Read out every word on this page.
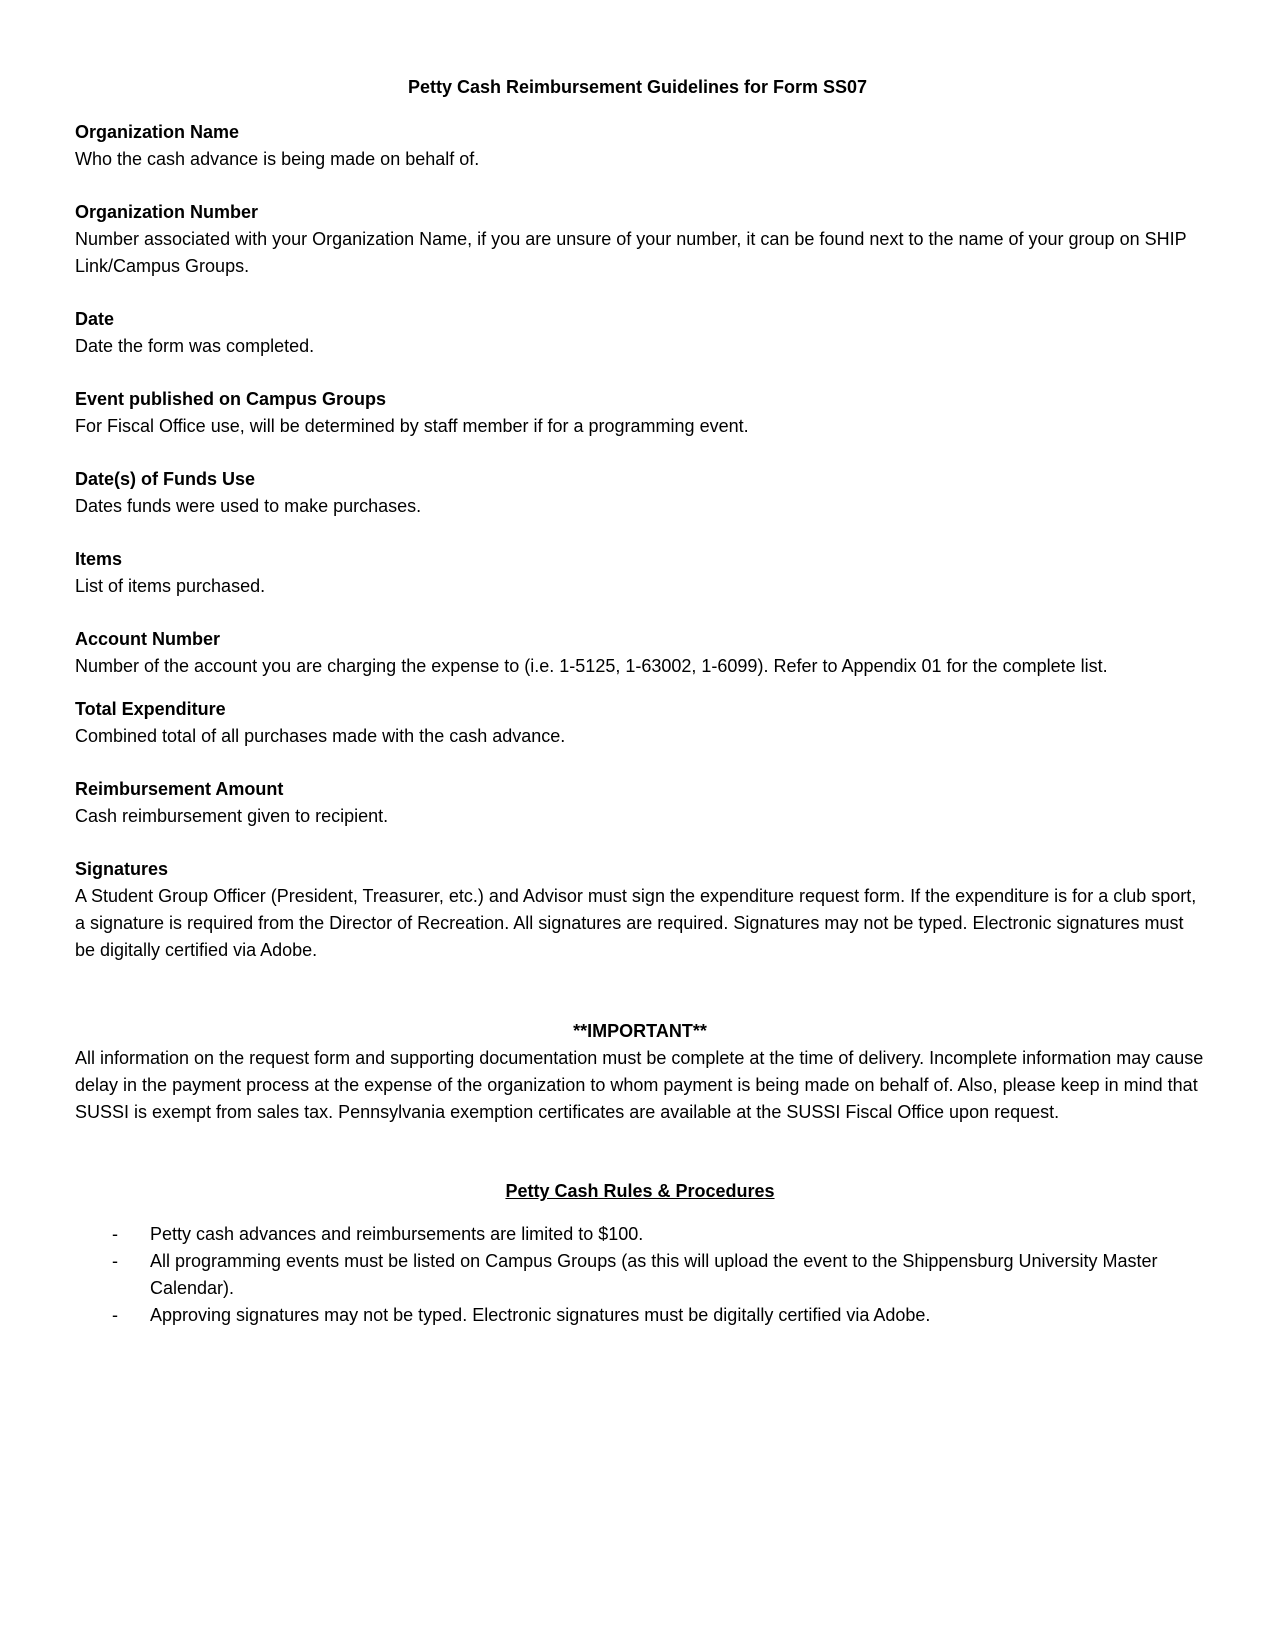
Petty Cash Reimbursement Guidelines for Form SS07

Organization Name

Who the cash advance is being made on behalf of.

Organization Number

Number associated with your Organization Name, if you are unsure of your number, it can be found next to the name of your group on SHIP Link/Campus Groups.

Date

Date the form was completed.

Event published on Campus Groups

For Fiscal Office use, will be determined by staff member if for a programming event.

Date(s) of Funds Use

Dates funds were used to make purchases.

Items

List of items purchased.

Account Number

Number of the account you are charging the expense to (i.e. 1-5125, 1-63002, 1-6099). Refer to Appendix 01 for the complete list.

Total Expenditure

Combined total of all purchases made with the cash advance.

Reimbursement Amount

Cash reimbursement given to recipient.

Signatures

A Student Group Officer (President, Treasurer, etc.) and Advisor must sign the expenditure request form. If the expenditure is for a club sport, a signature is required from the Director of Recreation. All signatures are required. Signatures may not be typed. Electronic signatures must be digitally certified via Adobe.

**IMPORTANT**

All information on the request form and supporting documentation must be complete at the time of delivery. Incomplete information may cause delay in the payment process at the expense of the organization to whom payment is being made on behalf of. Also, please keep in mind that SUSSI is exempt from sales tax. Pennsylvania exemption certificates are available at the SUSSI Fiscal Office upon request.

Petty Cash Rules & Procedures

-	Petty cash advances and reimbursements are limited to $100.
-	All programming events must be listed on Campus Groups (as this will upload the event to the Shippensburg University Master Calendar).
-	Approving signatures may not be typed. Electronic signatures must be digitally certified via Adobe.
